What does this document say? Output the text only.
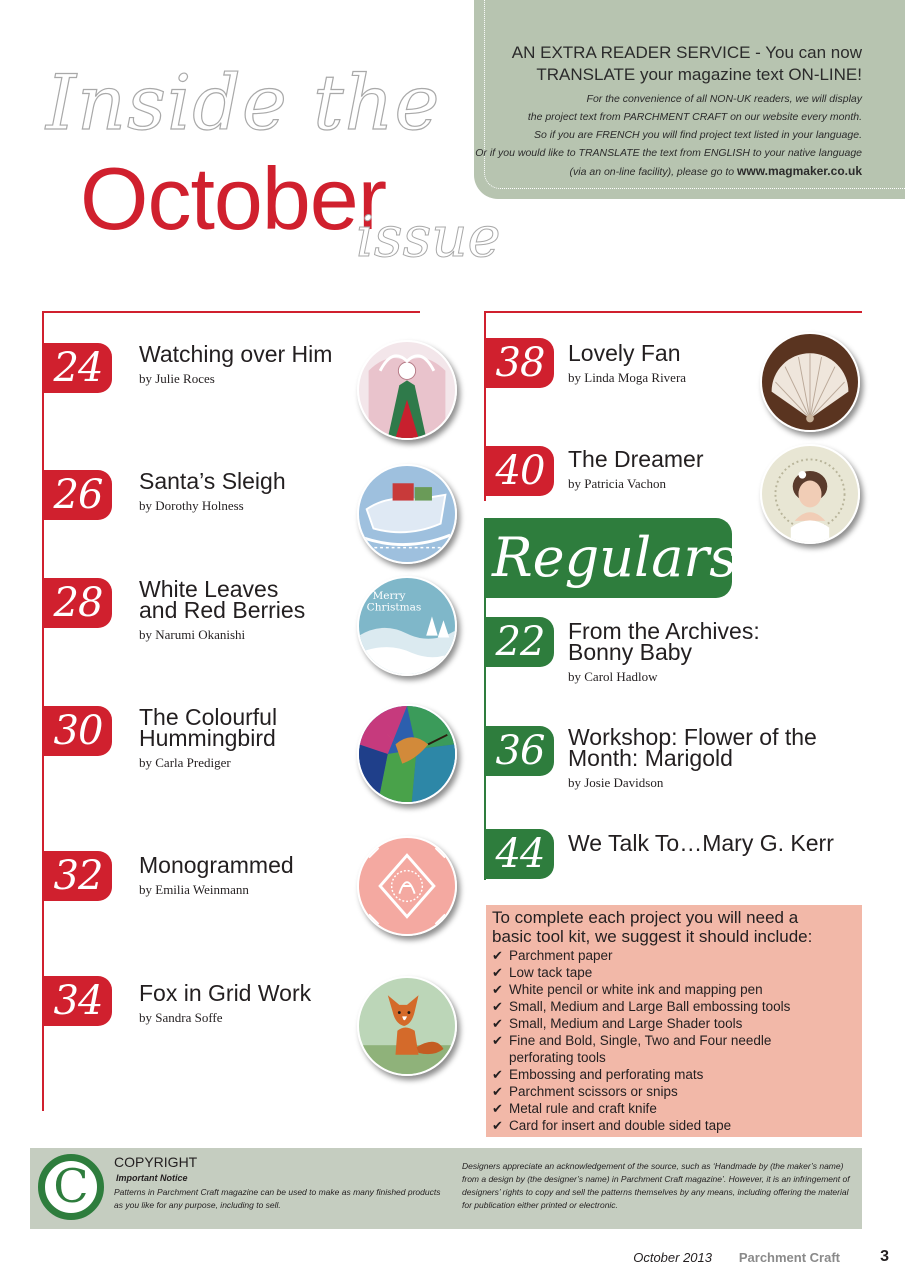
Inside the
October
issue
AN EXTRA READER SERVICE - You can now
TRANSLATE your magazine text ON-LINE!
For the convenience of all NON-UK readers, we will display
the project text from PARCHMENT CRAFT on our website every month.
So if you are FRENCH you will find project text listed in your language.
Or if you would like to TRANSLATE the text from ENGLISH to your native language
(via an on-line facility), please go to www.magmaker.co.uk
24	Watching over Him
by Julie Roces
26	Santa’s Sleigh
by Dorothy Holness
28	White Leaves
and Red Berries
by Narumi Okanishi
Merry
Christmas
30	The Colourful
Hummingbird
by Carla Prediger
32	Monogrammed
by Emilia Weinmann
34	Fox in Grid Work
by Sandra Soffe
38	Lovely Fan
by Linda Moga Rivera
40	The Dreamer
by Patricia Vachon
Regulars
22	From the Archives:
Bonny Baby
by Carol Hadlow
36	Workshop: Flower of the
Month: Marigold
by Josie Davidson
44	We Talk To…Mary G. Kerr
To complete each project you will need a
basic tool kit, we suggest it should include:
✔ Parchment paper
✔ Low tack tape
✔ White pencil or white ink and mapping pen
✔ Small, Medium and Large Ball embossing tools
✔ Small, Medium and Large Shader tools
✔ Fine and Bold, Single, Two and Four needle
perforating tools
✔ Embossing and perforating mats
✔ Parchment scissors or snips
✔ Metal rule and craft knife
✔ Card for insert and double sided tape
C	COPYRIGHT
Important Notice
Patterns in Parchment Craft magazine can be used to make as many finished products as you like for any purpose, including to sell.
Designers appreciate an acknowledgement of the source, such as ‘Handmade by (the maker’s name) from a design by (the designer’s name) in Parchment Craft magazine’. However, it is an infringement of designers’ rights to copy and sell the patterns themselves by any means, including offering the material for publication either printed or electronic.
October 2013 Parchment Craft	3
